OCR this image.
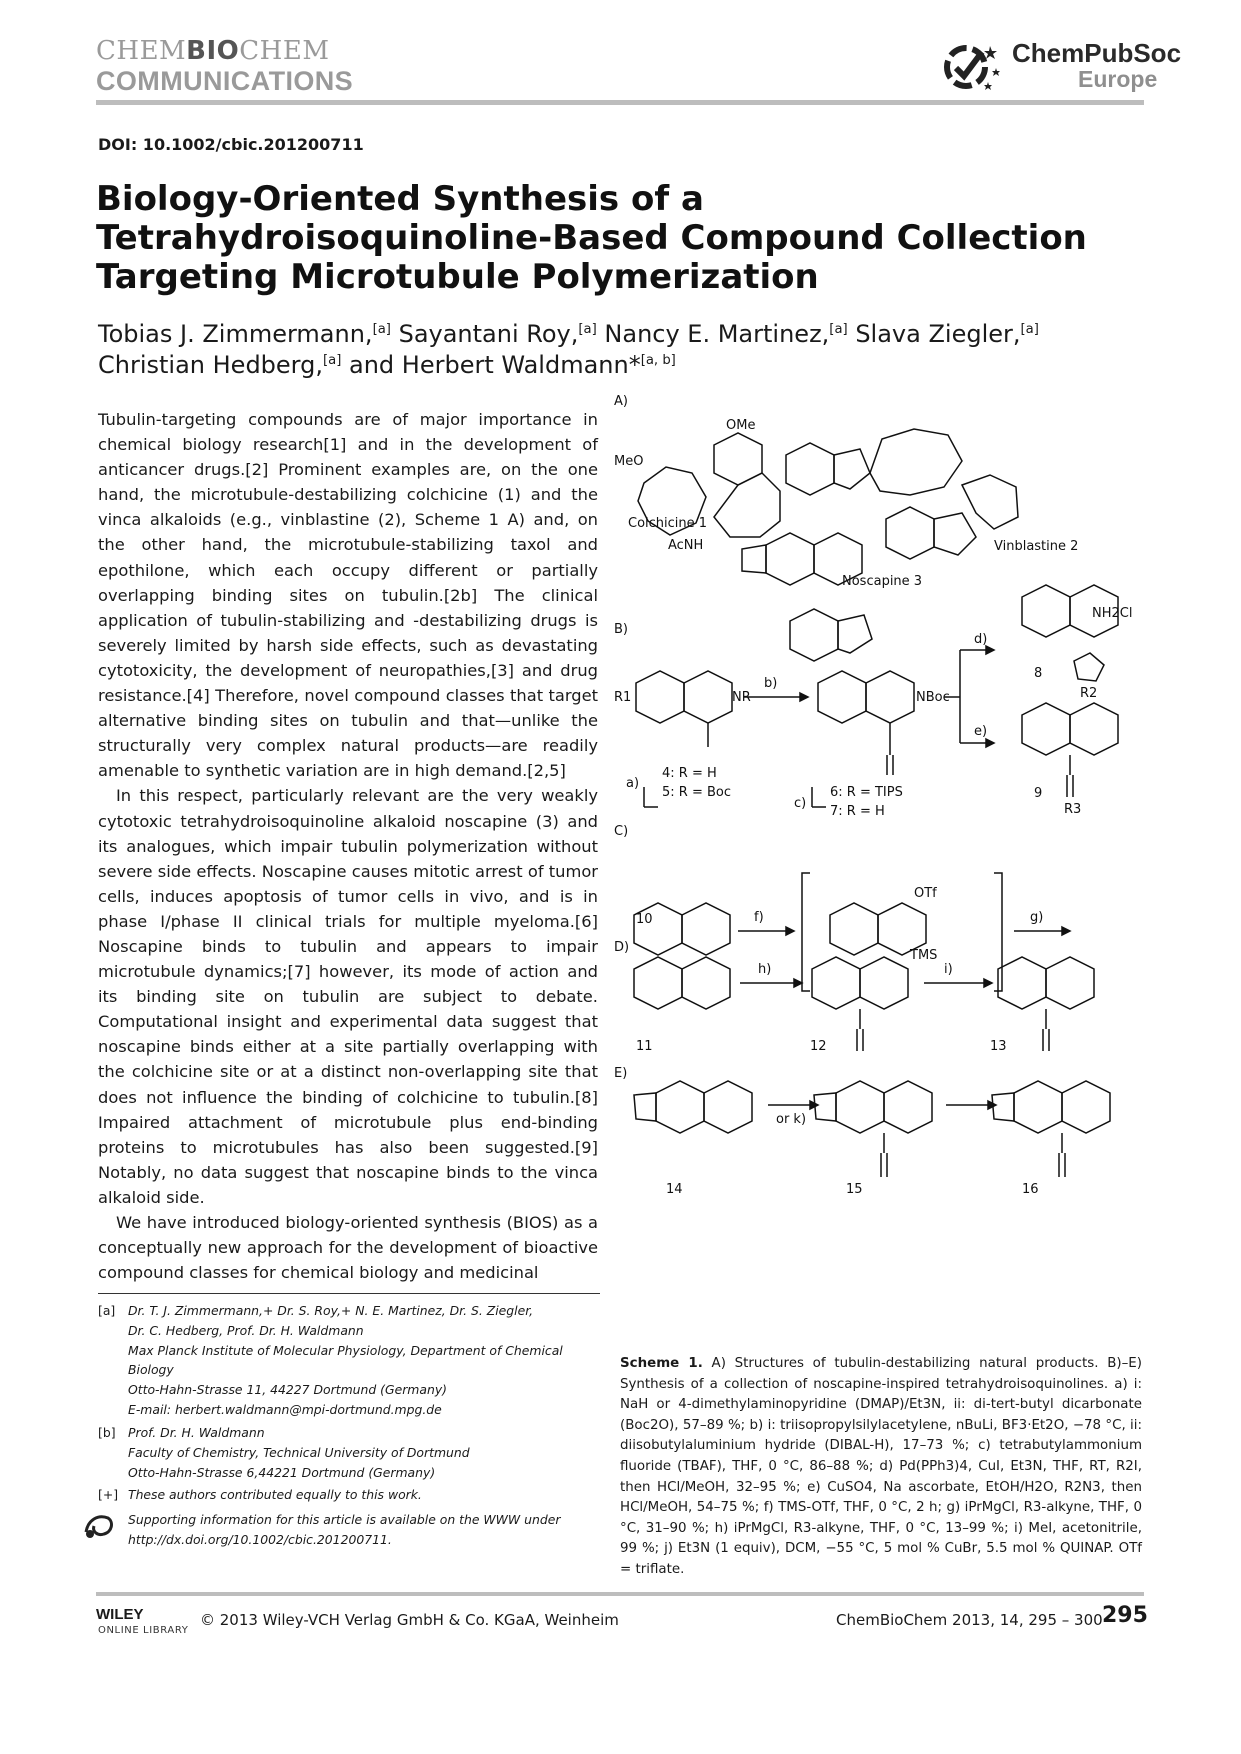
CHEMBIOCHEM
COMMUNICATIONS
ChemPubSoc
Europe
DOI: 10.1002/cbic.201200711
Biology-Oriented Synthesis of a Tetrahydroisoquinoline-Based Compound Collection Targeting Microtubule Polymerization
Tobias J. Zimmermann,[a] Sayantani Roy,[a] Nancy E. Martinez,[a] Slava Ziegler,[a]
Christian Hedberg,[a] and Herbert Waldmann*[a, b]

Tubulin-targeting compounds are of major importance in chemical biology research[1] and in the development of anticancer drugs.[2] Prominent examples are, on the one hand, the microtubule-destabilizing colchicine (1) and the vinca alkaloids (e.g., vinblastine (2), Scheme 1 A) and, on the other hand, the microtubule-stabilizing taxol and epothilone, which each occupy different or partially overlapping binding sites on tubulin.[2b] The clinical application of tubulin-stabilizing and -destabilizing drugs is severely limited by harsh side effects, such as devastating cytotoxicity, the development of neuropathies,[3] and drug resistance.[4] Therefore, novel compound classes that target alternative binding sites on tubulin and that—unlike the structurally very complex natural products—are readily amenable to synthetic variation are in high demand.[2,5]

In this respect, particularly relevant are the very weakly cytotoxic tetrahydroisoquinoline alkaloid noscapine (3) and its analogues, which impair tubulin polymerization without severe side effects. Noscapine causes mitotic arrest of tumor cells, induces apoptosis of tumor cells in vivo, and is in phase I/phase II clinical trials for multiple myeloma.[6] Noscapine binds to tubulin and appears to impair microtubule dynamics;[7] however, its mode of action and its binding site on tubulin are subject to debate. Computational insight and experimental data suggest that noscapine binds either at a site partially overlapping with the colchicine site or at a distinct non-overlapping site that does not influence the binding of colchicine to tubulin.[8] Impaired attachment of microtubule plus end-binding proteins to microtubules has also been suggested.[9] Notably, no data suggest that noscapine binds to the vinca alkaloid side.

We have introduced biology-oriented synthesis (BIOS) as a conceptually new approach for the development of bioactive compound classes for chemical biology and medicinal

[a] Dr. T. J. Zimmermann,+ Dr. S. Roy,+ N. E. Martinez, Dr. S. Ziegler,
Dr. C. Hedberg, Prof. Dr. H. Waldmann
Max Planck Institute of Molecular Physiology, Department of Chemical
Biology
Otto-Hahn-Strasse 11, 44227 Dortmund (Germany)
E-mail: herbert.waldmann@mpi-dortmund.mpg.de
[b] Prof. Dr. H. Waldmann
Faculty of Chemistry, Technical University of Dortmund
Otto-Hahn-Strasse 6,44221 Dortmund (Germany)
[+] These authors contributed equally to this work.
Supporting information for this article is available on the WWW under
http://dx.doi.org/10.1002/cbic.201200711.
A)
B)
C)
D)
E)
Colchicine 1
Noscapine 3
Vinblastine 2
8
9
10
11	12	13
14	15	16
4: R = H
5: R = Boc	6: R = TIPS
7: R = H
a)
b)
c)
d)
e)
f)	g)
h)	i)
or k)
OTf
TMS
OMe
MeO
AcNH
NBoc
NR
NH2Cl
R3
R1	R2
Scheme 1. A) Structures of tubulin-destabilizing natural products. B)–E) Synthesis of a collection of noscapine-inspired tetrahydroisoquinolines. a) i: NaH or 4-dimethylaminopyridine (DMAP)/Et3N, ii: di-tert-butyl dicarbonate (Boc2O), 57–89 %; b) i: triisopropylsilylacetylene, nBuLi, BF3·Et2O, −78 °C, ii: diisobutylaluminium hydride (DIBAL-H), 17–73 %; c) tetrabutylammonium fluoride (TBAF), THF, 0 °C, 86–88 %; d) Pd(PPh3)4, CuI, Et3N, THF, RT, R2I, then HCl/MeOH, 32–95 %; e) CuSO4, Na ascorbate, EtOH/H2O, R2N3, then HCl/MeOH, 54–75 %; f) TMS-OTf, THF, 0 °C, 2 h; g) iPrMgCl, R3-alkyne, THF, 0 °C, 31–90 %; h) iPrMgCl, R3-alkyne, THF, 0 °C, 13–99 %; i) MeI, acetonitrile, 99 %; j) Et3N (1 equiv), DCM, −55 °C, 5 mol % CuBr, 5.5 mol % QUINAP. OTf = triflate.
WILEY
ONLINE LIBRARY
© 2013 Wiley-VCH Verlag GmbH & Co. KGaA, Weinheim	ChemBioChem 2013, 14, 295 – 300 295
